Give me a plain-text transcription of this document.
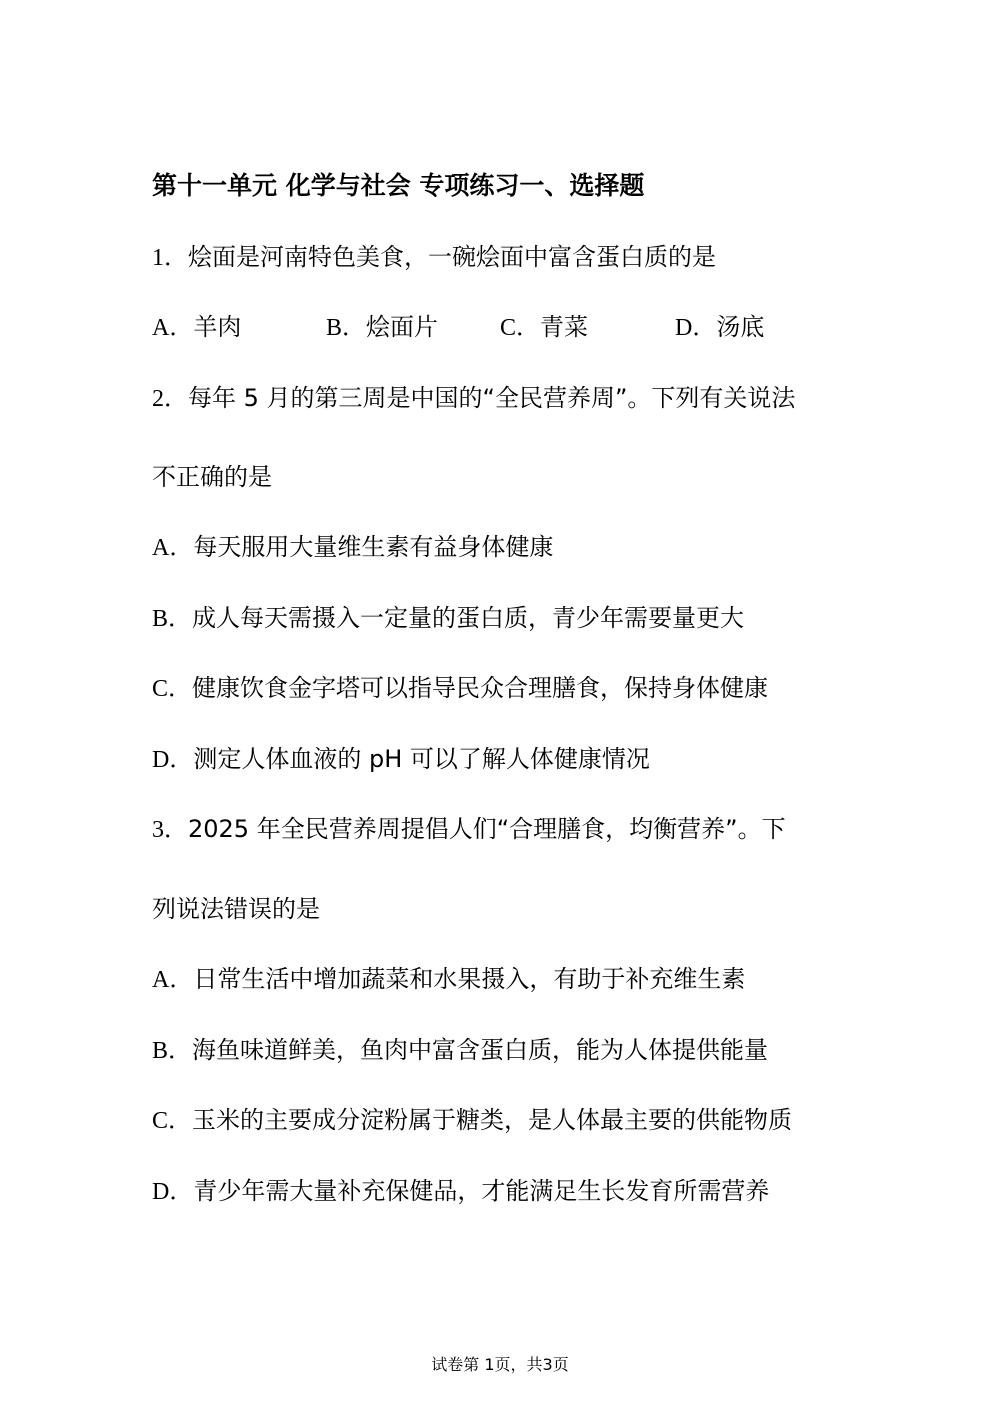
第十一单元 化学与社会 专项练习一、选择题
1．烩面是河南特色美食，一碗烩面中富含蛋白质的是
A．羊肉	B．烩面片	C．青菜	D．汤底
2．每年 5 月的第三周是中国的“全民营养周”。下列有关说法
不正确的是
A．每天服用大量维生素有益身体健康
B．成人每天需摄入一定量的蛋白质，青少年需要量更大
C．健康饮食金字塔可以指导民众合理膳食，保持身体健康
D．测定人体血液的 pH 可以了解人体健康情况
3．2025 年全民营养周提倡人们“合理膳食，均衡营养”。下
列说法错误的是
A．日常生活中增加蔬菜和水果摄入，有助于补充维生素
B．海鱼味道鲜美，鱼肉中富含蛋白质，能为人体提供能量
C．玉米的主要成分淀粉属于糖类，是人体最主要的供能物质
D．青少年需大量补充保健品，才能满足生长发育所需营养
试卷第 1页，共3页
